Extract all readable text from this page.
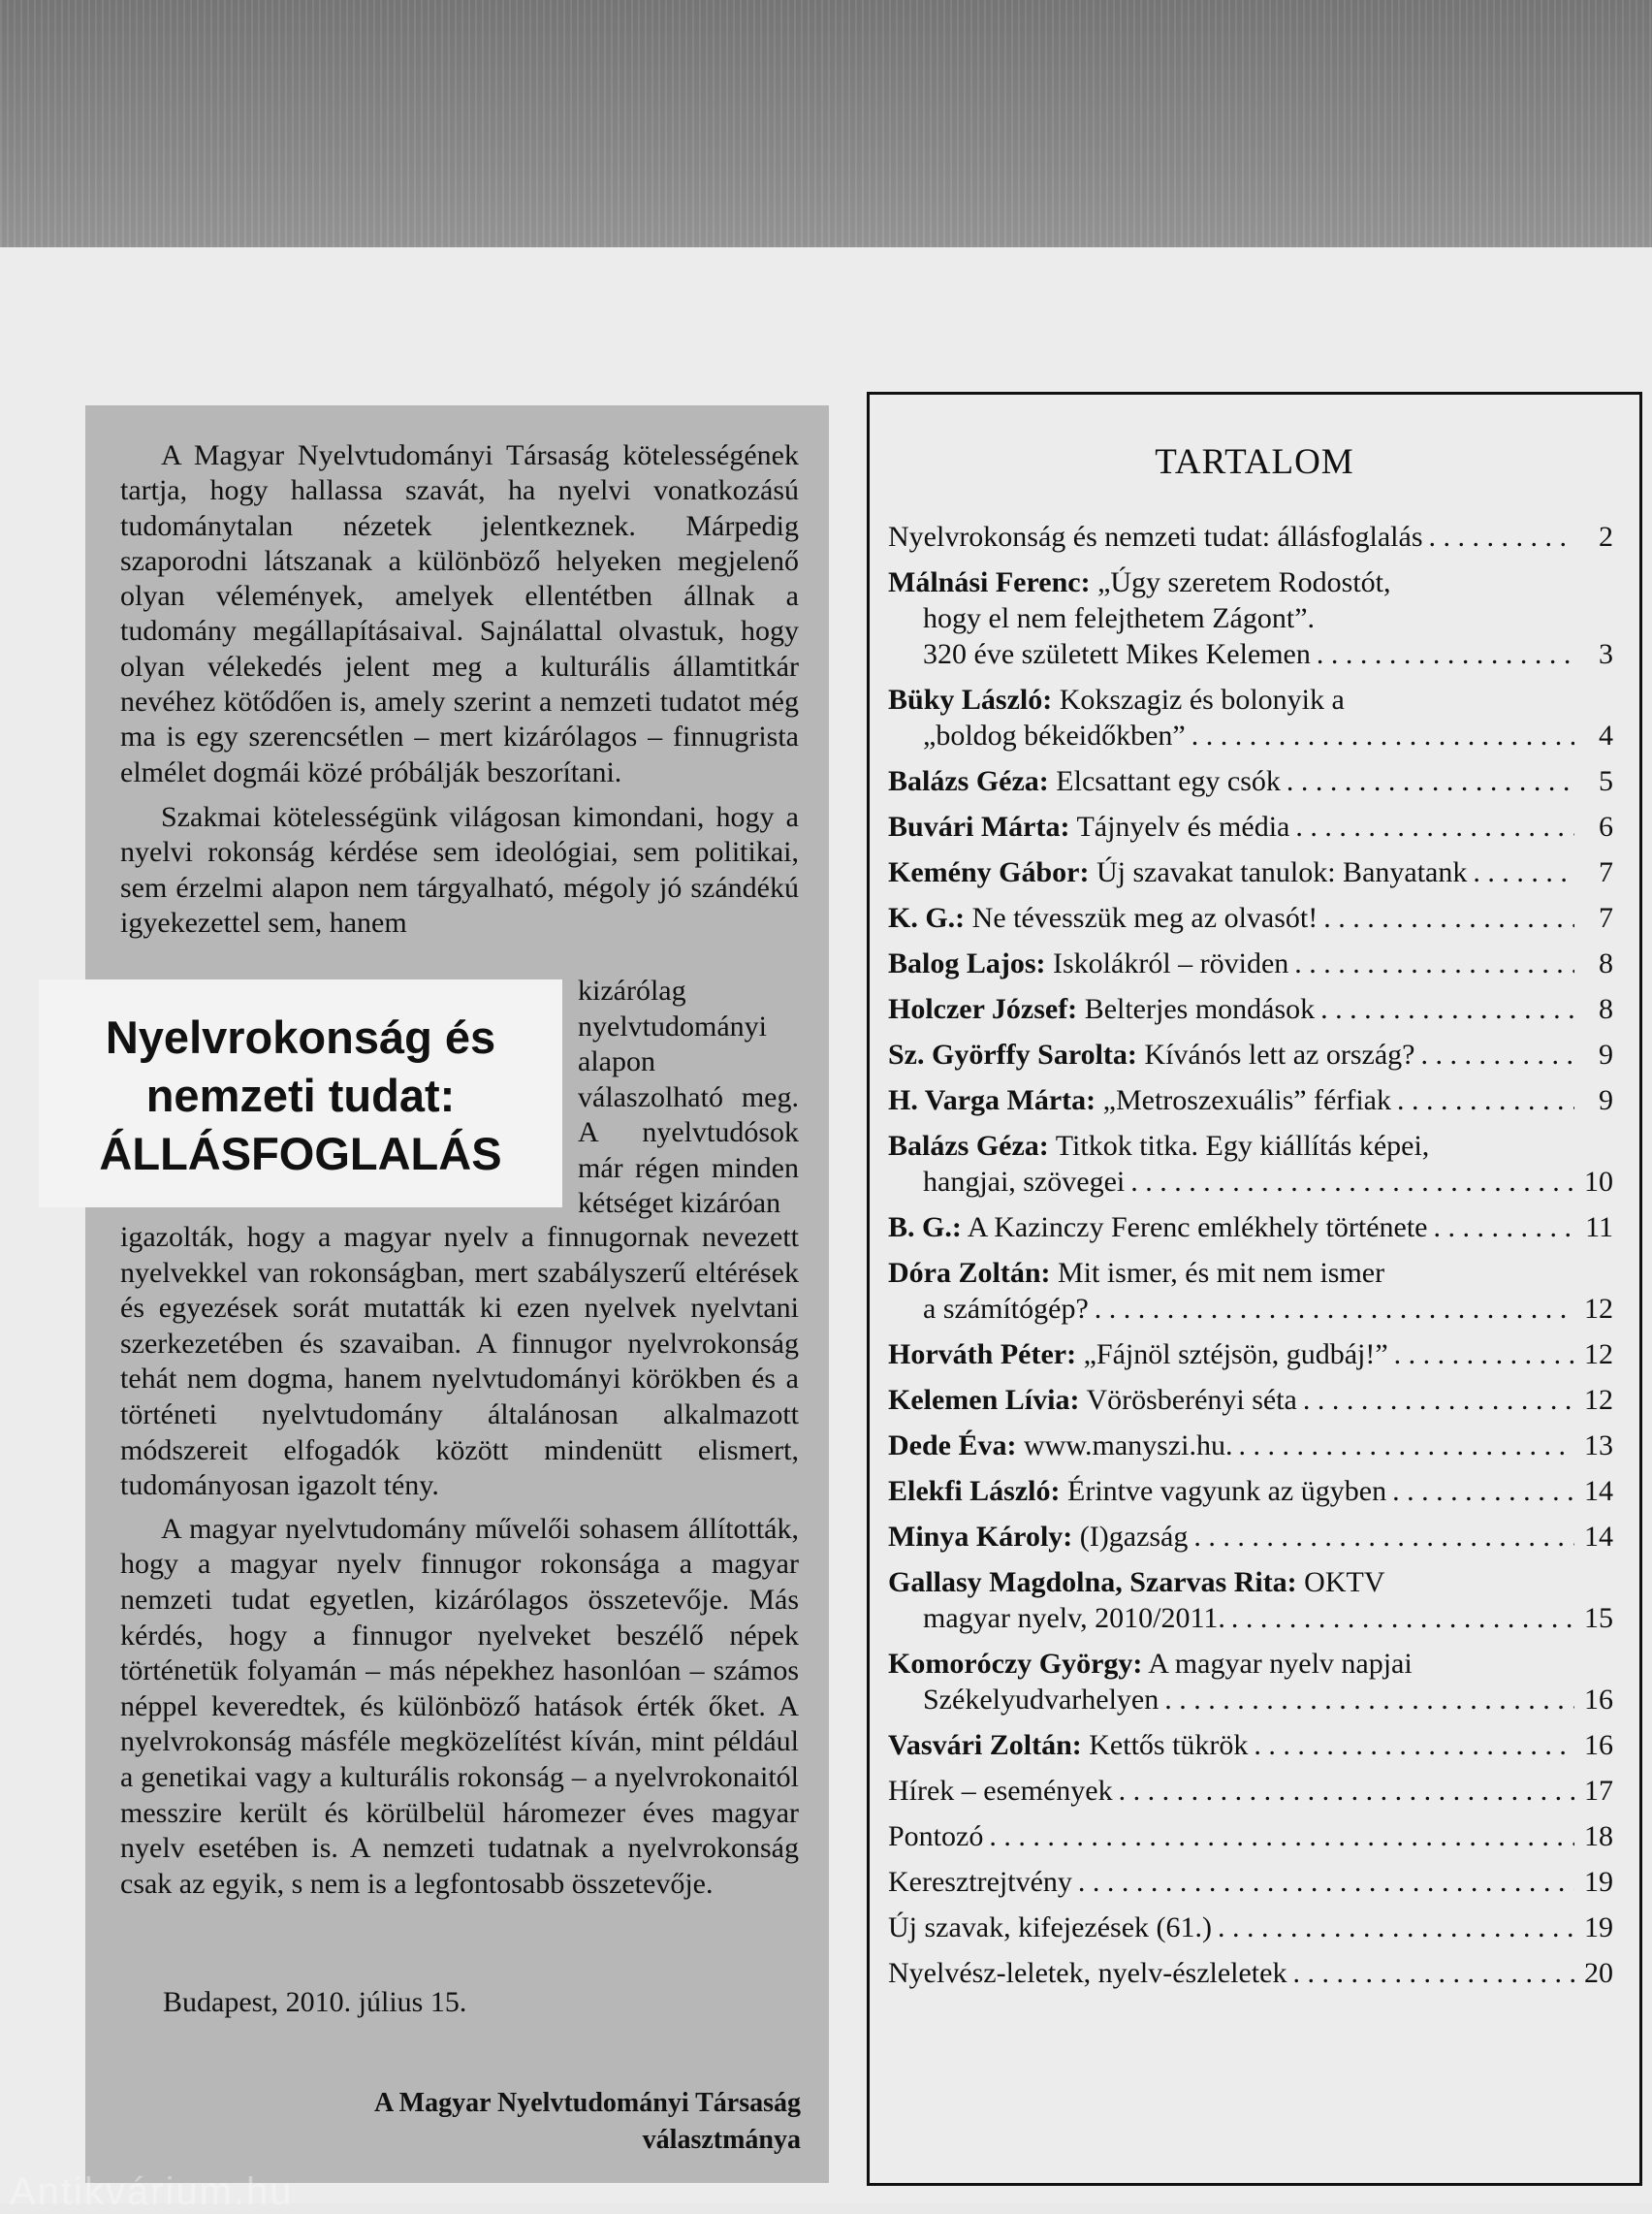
A Magyar Nyelvtudományi Társaság kötelességének tartja, hogy hallassa szavát, ha nyelvi vonatkozású tudománytalan nézetek jelentkeznek. Márpedig szaporodni látszanak a különböző helyeken megjelenő olyan vélemények, amelyek ellentétben állnak a tudomány megállapításaival. Sajnálattal olvastuk, hogy olyan vélekedés jelent meg a kulturális államtitkár nevéhez kötődően is, amely szerint a nemzeti tudatot még ma is egy szerencsétlen – mert kizárólagos – finnugrista elmélet dogmái közé próbálják beszorítani.

Szakmai kötelességünk világosan kimondani, hogy a nyelvi rokonság kérdése sem ideológiai, sem politikai, sem érzelmi alapon nem tárgyalható, mégoly jó szándékú igyekezettel sem, hanem

Nyelvrokonság és
nemzeti tudat:
ÁLLÁSFOGLALÁS
kizárólag nyelvtudományi alapon válaszolható meg. A nyelvtudósok már régen minden kétséget kizáróan

igazolták, hogy a magyar nyelv a finnugornak nevezett nyelvekkel van rokonságban, mert szabályszerű eltérések és egyezések sorát mutatták ki ezen nyelvek nyelvtani szerkezetében és szavaiban. A finnugor nyelvrokonság tehát nem dogma, hanem nyelvtudományi körökben és a történeti nyelvtudomány általánosan alkalmazott módszereit elfogadók között mindenütt elismert, tudományosan igazolt tény.

A magyar nyelvtudomány művelői sohasem állították, hogy a magyar nyelv finnugor rokonsága a magyar nemzeti tudat egyetlen, kizárólagos összetevője. Más kérdés, hogy a finnugor nyelveket beszélő népek történetük folyamán – más népekhez hasonlóan – számos néppel keveredtek, és különböző hatások érték őket. A nyelvrokonság másféle megközelítést kíván, mint például a genetikai vagy a kulturális rokonság – a nyelvrokonaitól messzire került és körülbelül háromezer éves magyar nyelv esetében is. A nemzeti tudatnak a nyelvrokonság csak az egyik, s nem is a legfontosabb összetevője.

Budapest, 2010. július 15.
A Magyar Nyelvtudományi Társaság
választmánya
TARTALOM
Nyelvrokonság és nemzeti tudat: állásfoglalás . . .	2
Málnási Ferenc: „Úgy szeretem Rodostót,
hogy el nem felejthetem Zágont”.
320 éve született Mikes Kelemen . . .	3
Büky László: Kokszagiz és bolonyik a
„boldog békeidőkben” . . .	4
Balázs Géza: Elcsattant egy csók . . .	5
Buvári Márta: Tájnyelv és média . . .	6
Kemény Gábor: Új szavakat tanulok: Banyatank . . .	7
K. G.: Ne tévesszük meg az olvasót! . . .	7
Balog Lajos: Iskolákról – röviden . . .	8
Holczer József: Belterjes mondások . . .	8
Sz. Györffy Sarolta: Kívánós lett az ország? . . .	9
H. Varga Márta: „Metroszexuális” férfiak . . .	9
Balázs Géza: Titkok titka. Egy kiállítás képei,
hangjai, szövegei . . .	10
B. G.: A Kazinczy Ferenc emlékhely története . . .	11
Dóra Zoltán: Mit ismer, és mit nem ismer
a számítógép? . . .	12
Horváth Péter: „Fájnöl sztéjsön, gudbáj!” . . .	12
Kelemen Lívia: Vörösberényi séta . . .	12
Dede Éva: www.manyszi.hu. . . .	13
Elekfi László: Érintve vagyunk az ügyben . . .	14
Minya Károly: (I)gazság . . .	14
Gallasy Magdolna, Szarvas Rita: OKTV
magyar nyelv, 2010/2011. . . .	15
Komoróczy György: A magyar nyelv napjai
Székelyudvarhelyen . . .	16
Vasvári Zoltán: Kettős tükrök . . .	16
Hírek – események . . .	17
Pontozó . . .	18
Keresztrejtvény . . .	19
Új szavak, kifejezések (61.) . . .	19
Nyelvész-leletek, nyelv-észleletek . . .	20
Antikvárium.hu
